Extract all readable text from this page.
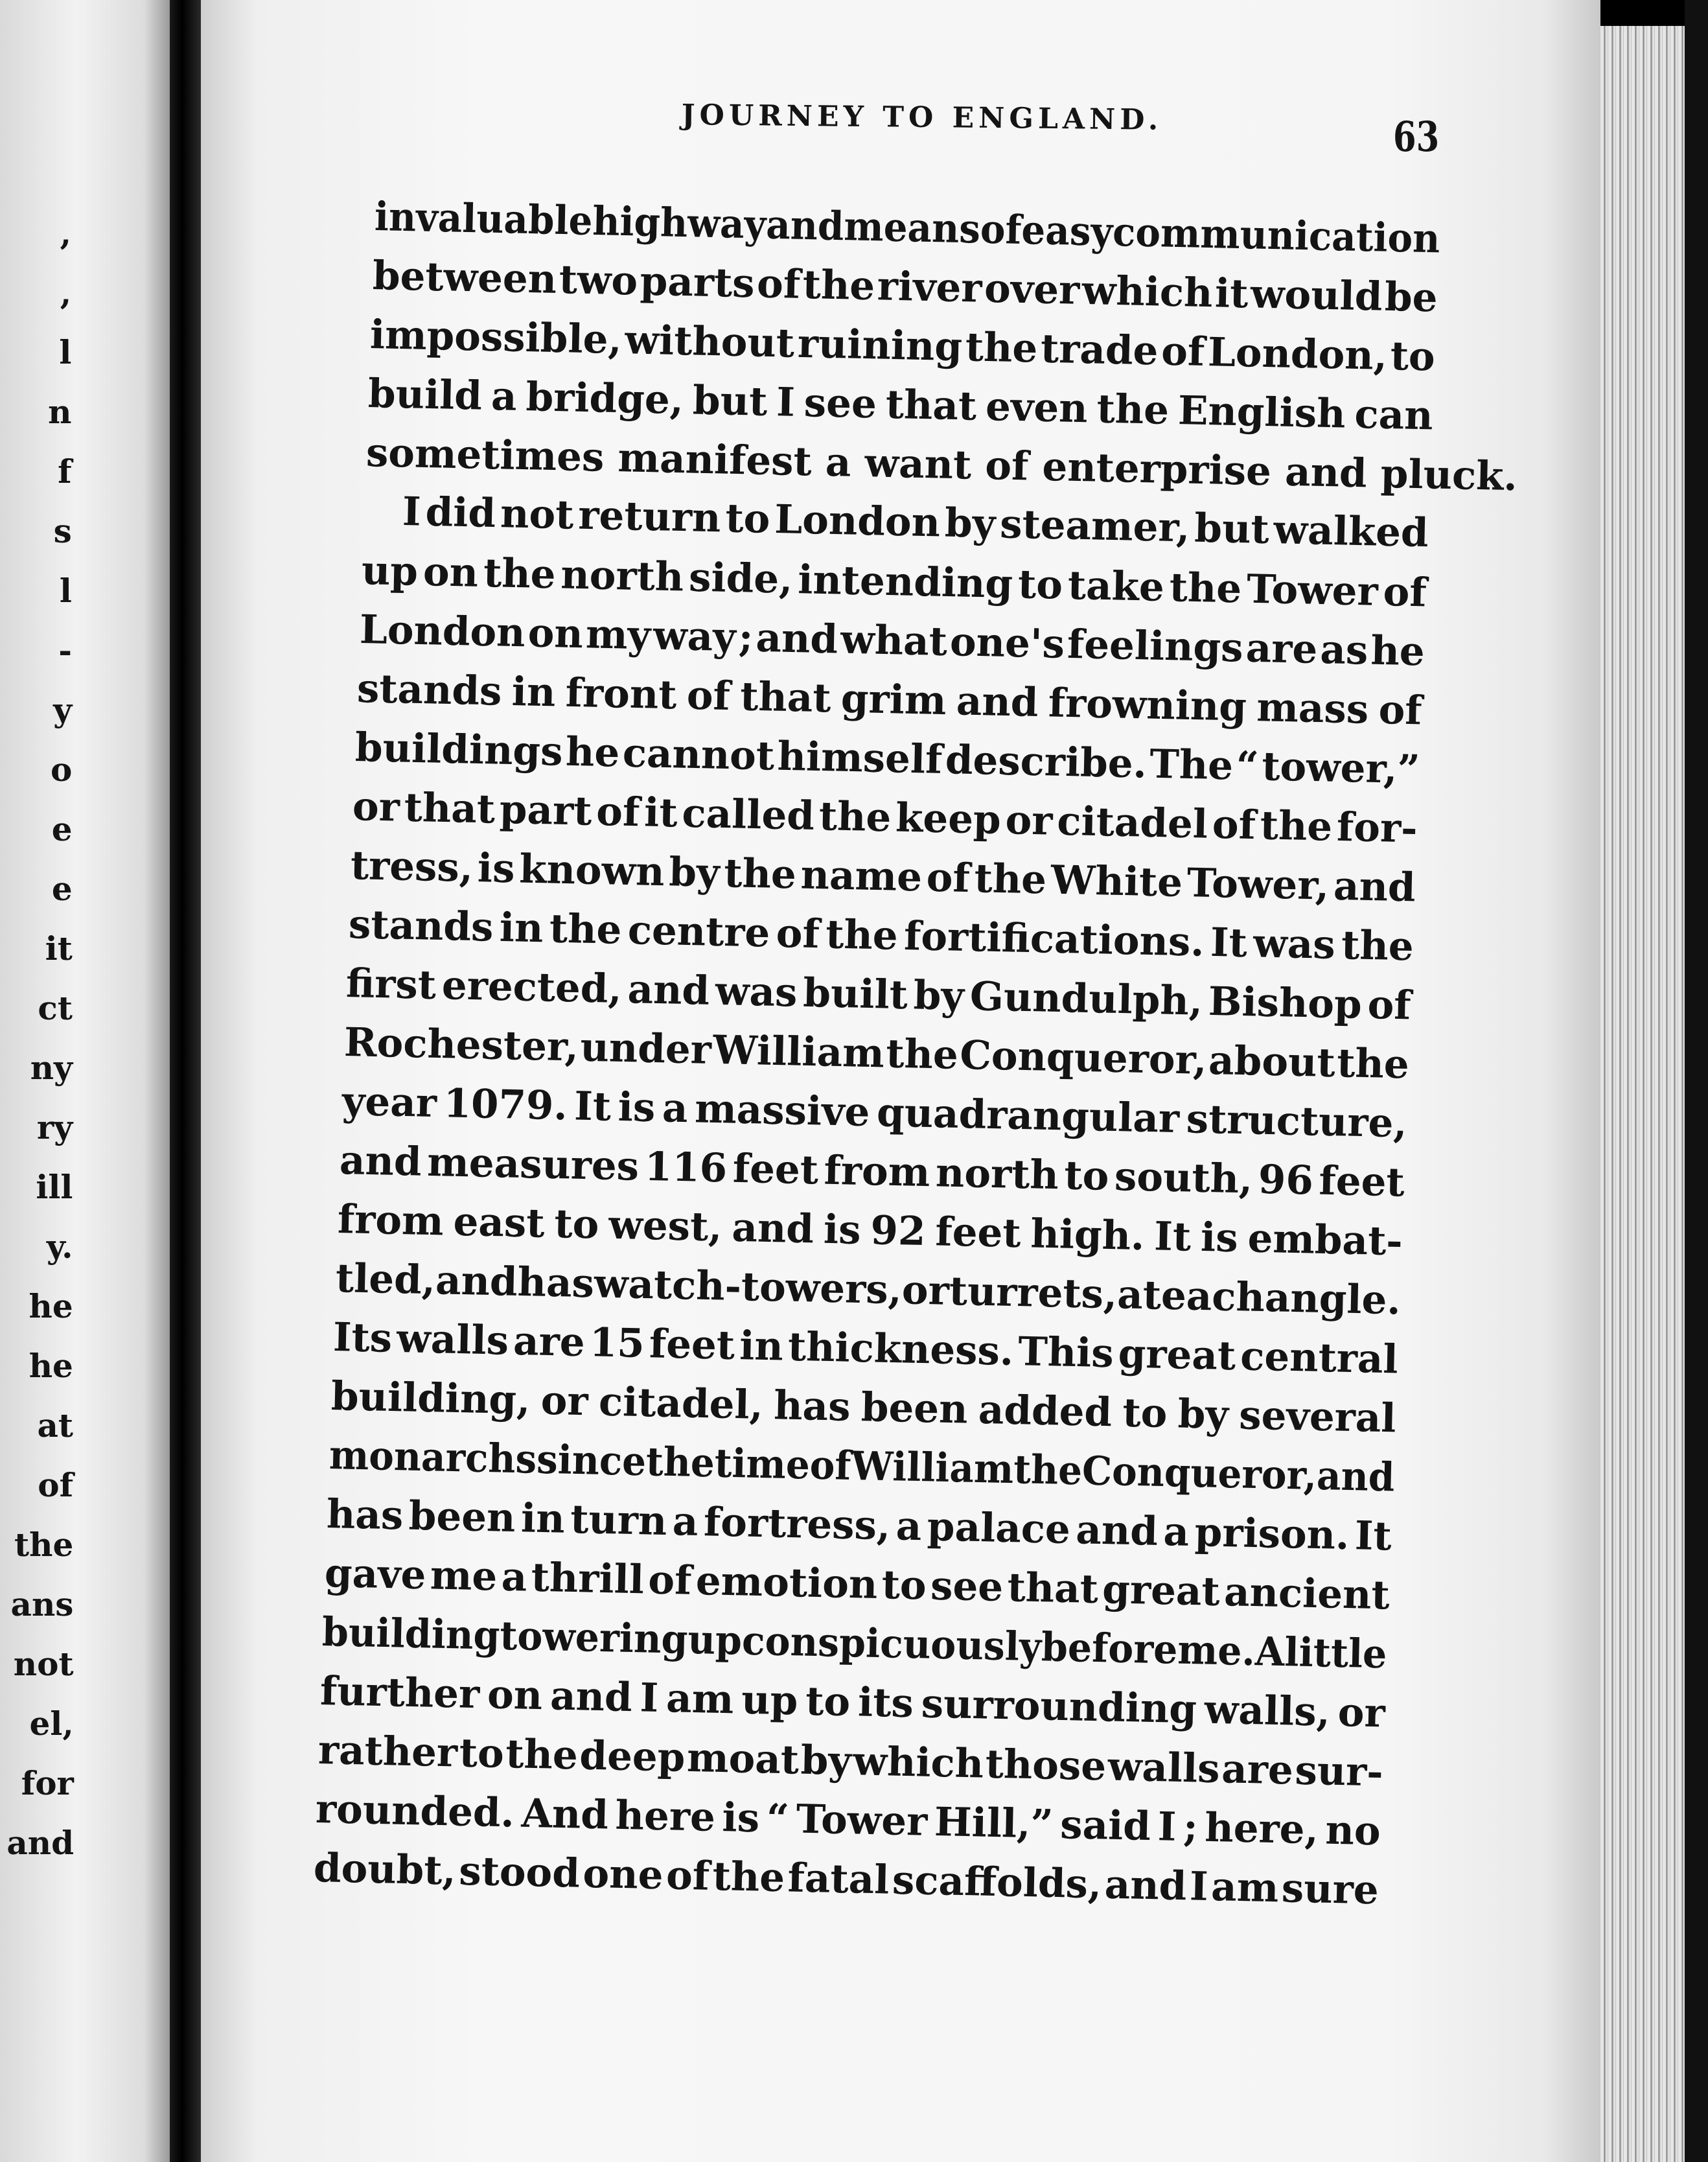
,
,
l
n
f
s
l
-
y
o
e
e
it
ct
ny
ry
ill
y.
he
he
at
of
the
ans
not
el,
for
and
JOURNEY TO ENGLAND.	63
invaluable
highway
and
means
of
easy
communication
between two parts of the river over which it would be
impossible, without ruining the trade of London, to
build a bridge, but I see that even the English can
sometimes manifest a want of enterprise and pluck.
I did not return to London by steamer, but walked
up on the north side, intending to take the Tower of
London on my way ; and what one's feelings are as he
stands in front of that grim and frowning mass of
buildings he cannot himself describe. The “ tower,”
or that part of it called the keep or citadel of the for-
tress, is known by the name of the White Tower, and
stands in the centre of the fortifications. It was the
first erected, and was built by Gundulph, Bishop of
Rochester, under William the Conqueror, about the
year 1079. It is a massive quadrangular structure,
and measures 116 feet from north to south, 96 feet
from east to west, and is 92 feet high. It is embat-
tled,
and
has
watch-towers,
or
turrets,
at
each
angle.
Its walls are 15 feet in thickness. This great central
building, or citadel, has been added to by several
monarchs
since
the
time
of
William
the
Conqueror,
and
has been in turn a fortress, a palace and a prison. It
gave me a thrill of emotion to see that great ancient
building
towering
up
conspicuously
before
me.
A
little
further on and I am up to its surrounding walls, or
rather to the deep moat by which those walls are sur-
rounded. And here is “ Tower Hill,” said I ; here, no
doubt, stood one of the fatal scaffolds, and I am sure
